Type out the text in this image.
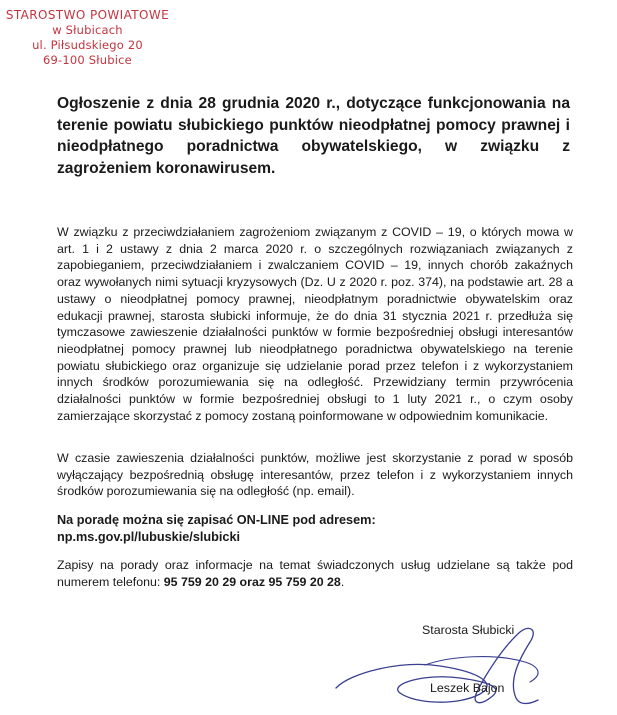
STAROSTWO POWIATOWE
w Słubicach
ul. Piłsudskiego 20
69-100 Słubice
Ogłoszenie z dnia 28 grudnia 2020 r., dotyczące funkcjonowania na terenie powiatu słubickiego punktów nieodpłatnej pomocy prawnej i nieodpłatnego poradnictwa obywatelskiego, w związku z zagrożeniem koronawirusem.

W związku z przeciwdziałaniem zagrożeniom związanym z COVID – 19, o których mowa w art. 1 i 2 ustawy z dnia 2 marca 2020 r. o szczególnych rozwiązaniach związanych z zapobieganiem, przeciwdziałaniem i zwalczaniem COVID – 19, innych chorób zakaźnych oraz wywołanych nimi sytuacji kryzysowych (Dz. U z 2020 r. poz. 374), na podstawie art. 28 a ustawy o nieodpłatnej pomocy prawnej, nieodpłatnym poradnictwie obywatelskim oraz edukacji prawnej, starosta słubicki informuje, że do dnia 31 stycznia 2021 r. przedłuża się tymczasowe zawieszenie działalności punktów w formie bezpośredniej obsługi interesantów nieodpłatnej pomocy prawnej lub nieodpłatnego poradnictwa obywatelskiego na terenie powiatu słubickiego oraz organizuje się udzielanie porad przez telefon i z wykorzystaniem innych środków porozumiewania się na odległość. Przewidziany termin przywrócenia działalności punktów w formie bezpośredniej obsługi to 1 luty 2021 r., o czym osoby zamierzające skorzystać z pomocy zostaną poinformowane w odpowiednim komunikacie.

W czasie zawieszenia działalności punktów, możliwe jest skorzystanie z porad w sposób wyłączający bezpośrednią obsługę interesantów, przez telefon i z wykorzystaniem innych środków porozumiewania się na odległość (np. email).

Na poradę można się zapisać ON-LINE pod adresem:
np.ms.gov.pl/lubuskie/slubicki

Zapisy na porady oraz informacje na temat świadczonych usług udzielane są także pod numerem telefonu: 95 759 20 29 oraz 95 759 20 28.

Starosta Słubicki
Leszek Bajon
